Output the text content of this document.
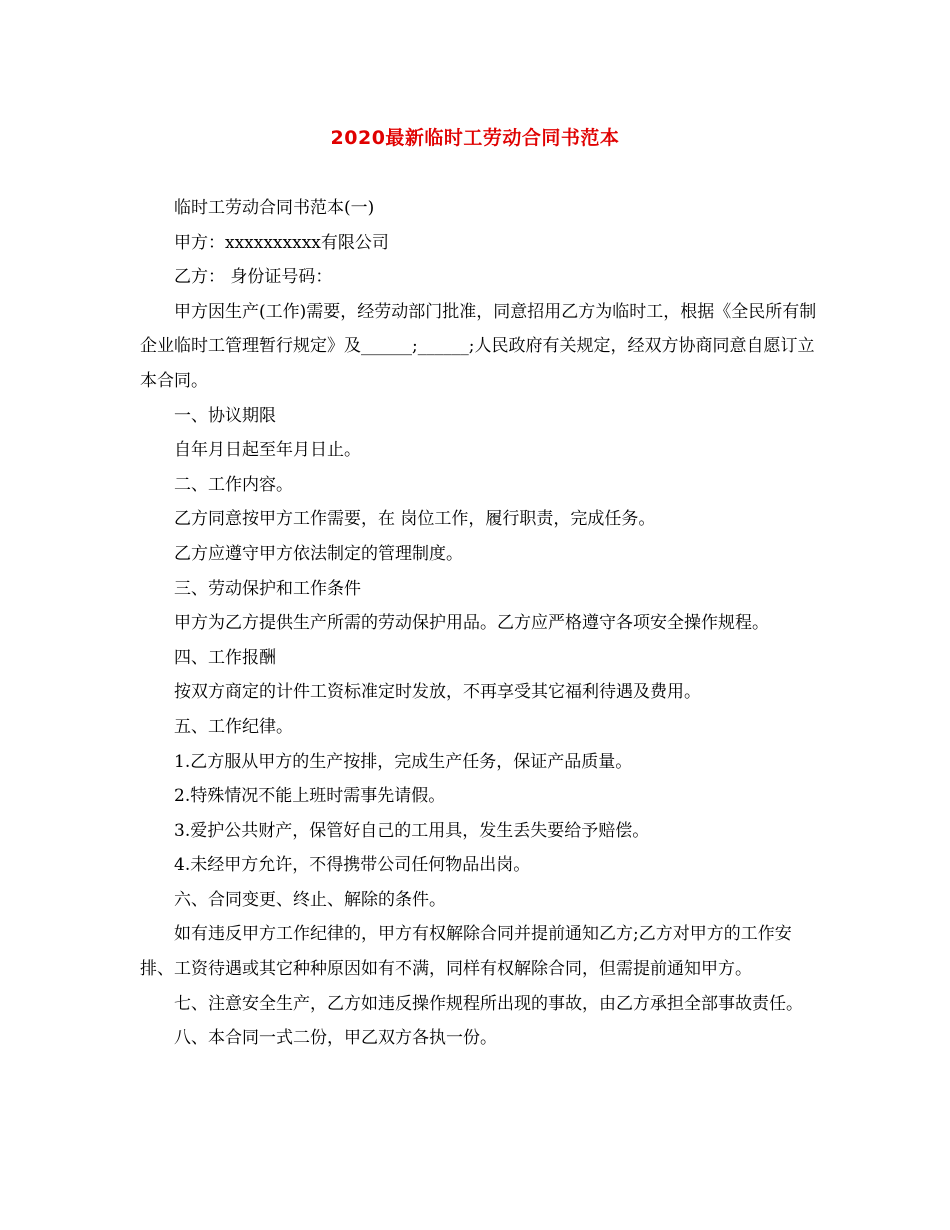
2020最新临时工劳动合同书范本

临时工劳动合同书范本(一)

甲方：xxxxxxxxxx有限公司

乙方： 身份证号码：

甲方因生产(工作)需要，经劳动部门批准，同意招用乙方为临时工，根据《全民所有制企业临时工管理暂行规定》及______;______;人民政府有关规定，经双方协商同意自愿订立本合同。

一、协议期限

自年月日起至年月日止。

二、工作内容。

乙方同意按甲方工作需要，在 岗位工作，履行职责，完成任务。

乙方应遵守甲方依法制定的管理制度。

三、劳动保护和工作条件

甲方为乙方提供生产所需的劳动保护用品。乙方应严格遵守各项安全操作规程。

四、工作报酬

按双方商定的计件工资标准定时发放，不再享受其它福利待遇及费用。

五、工作纪律。

1.乙方服从甲方的生产按排，完成生产任务，保证产品质量。

2.特殊情况不能上班时需事先请假。

3.爱护公共财产，保管好自己的工用具，发生丢失要给予赔偿。

4.未经甲方允许，不得携带公司任何物品出岗。

六、合同变更、终止、解除的条件。

如有违反甲方工作纪律的，甲方有权解除合同并提前通知乙方;乙方对甲方的工作安排、工资待遇或其它种种原因如有不满，同样有权解除合同，但需提前通知甲方。

七、注意安全生产，乙方如违反操作规程所出现的事故，由乙方承担全部事故责任。

八、本合同一式二份，甲乙双方各执一份。
